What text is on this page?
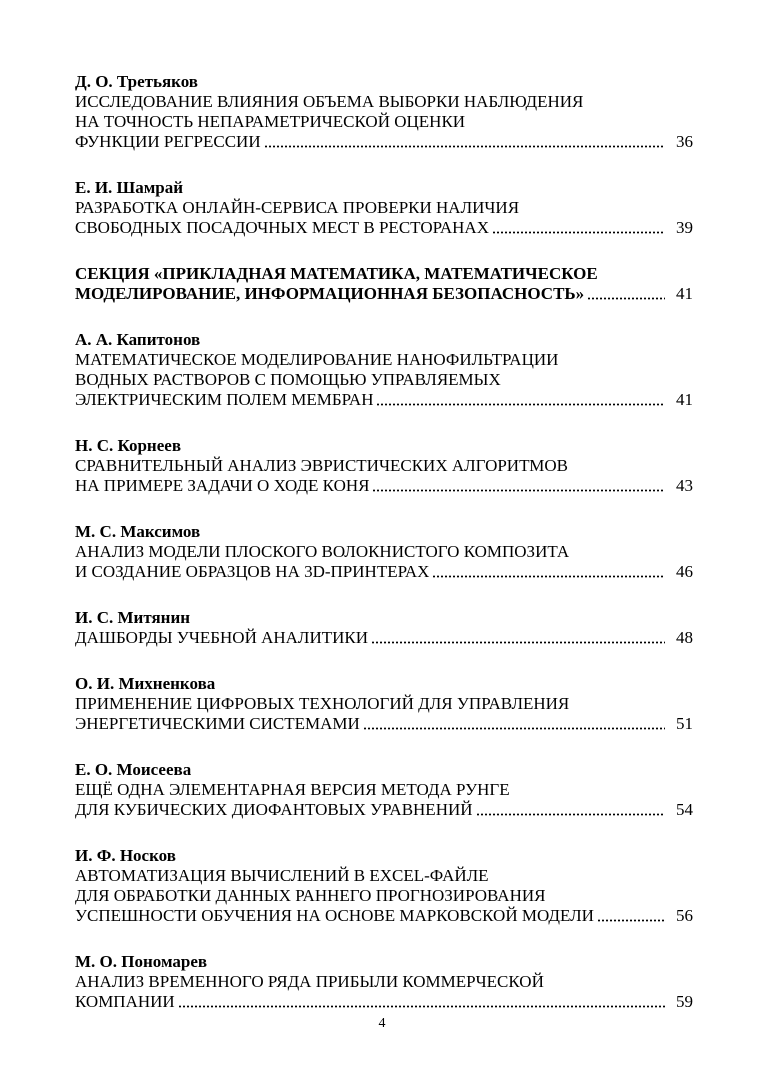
Д. О. Третьяков
ИССЛЕДОВАНИЕ ВЛИЯНИЯ ОБЪЕМА ВЫБОРКИ НАБЛЮДЕНИЯ
НА ТОЧНОСТЬ НЕПАРАМЕТРИЧЕСКОЙ ОЦЕНКИ
ФУНКЦИИ РЕГРЕССИИ	36
Е. И. Шамрай
РАЗРАБОТКА ОНЛАЙН-СЕРВИСА ПРОВЕРКИ НАЛИЧИЯ
СВОБОДНЫХ ПОСАДОЧНЫХ МЕСТ В РЕСТОРАНАХ	39
СЕКЦИЯ «ПРИКЛАДНАЯ МАТЕМАТИКА, МАТЕМАТИЧЕСКОЕ
МОДЕЛИРОВАНИЕ, ИНФОРМАЦИОННАЯ БЕЗОПАСНОСТЬ»	41
А. А. Капитонов
МАТЕМАТИЧЕСКОЕ МОДЕЛИРОВАНИЕ НАНОФИЛЬТРАЦИИ
ВОДНЫХ РАСТВОРОВ С ПОМОЩЬЮ УПРАВЛЯЕМЫХ
ЭЛЕКТРИЧЕСКИМ ПОЛЕМ МЕМБРАН	41
Н. С. Корнеев
СРАВНИТЕЛЬНЫЙ АНАЛИЗ ЭВРИСТИЧЕСКИХ АЛГОРИТМОВ
НА ПРИМЕРЕ ЗАДАЧИ О ХОДЕ КОНЯ	43
М. С. Максимов
АНАЛИЗ МОДЕЛИ ПЛОСКОГО ВОЛОКНИСТОГО КОМПОЗИТА
И СОЗДАНИЕ ОБРАЗЦОВ НА 3D-ПРИНТЕРАХ	46
И. С. Митянин
ДАШБОРДЫ УЧЕБНОЙ АНАЛИТИКИ	48
О. И. Михненкова
ПРИМЕНЕНИЕ ЦИФРОВЫХ ТЕХНОЛОГИЙ ДЛЯ УПРАВЛЕНИЯ
ЭНЕРГЕТИЧЕСКИМИ СИСТЕМАМИ	51
Е. О. Моисеева
ЕЩЁ ОДНА ЭЛЕМЕНТАРНАЯ ВЕРСИЯ МЕТОДА РУНГЕ
ДЛЯ КУБИЧЕСКИХ ДИОФАНТОВЫХ УРАВНЕНИЙ	54
И. Ф. Носков
АВТОМАТИЗАЦИЯ ВЫЧИСЛЕНИЙ В EXCEL-ФАЙЛЕ
ДЛЯ ОБРАБОТКИ ДАННЫХ РАННЕГО ПРОГНОЗИРОВАНИЯ
УСПЕШНОСТИ ОБУЧЕНИЯ НА ОСНОВЕ МАРКОВСКОЙ МОДЕЛИ	56
М. О. Пономарев
АНАЛИЗ ВРЕМЕННОГО РЯДА ПРИБЫЛИ КОММЕРЧЕСКОЙ
КОМПАНИИ	59
4
